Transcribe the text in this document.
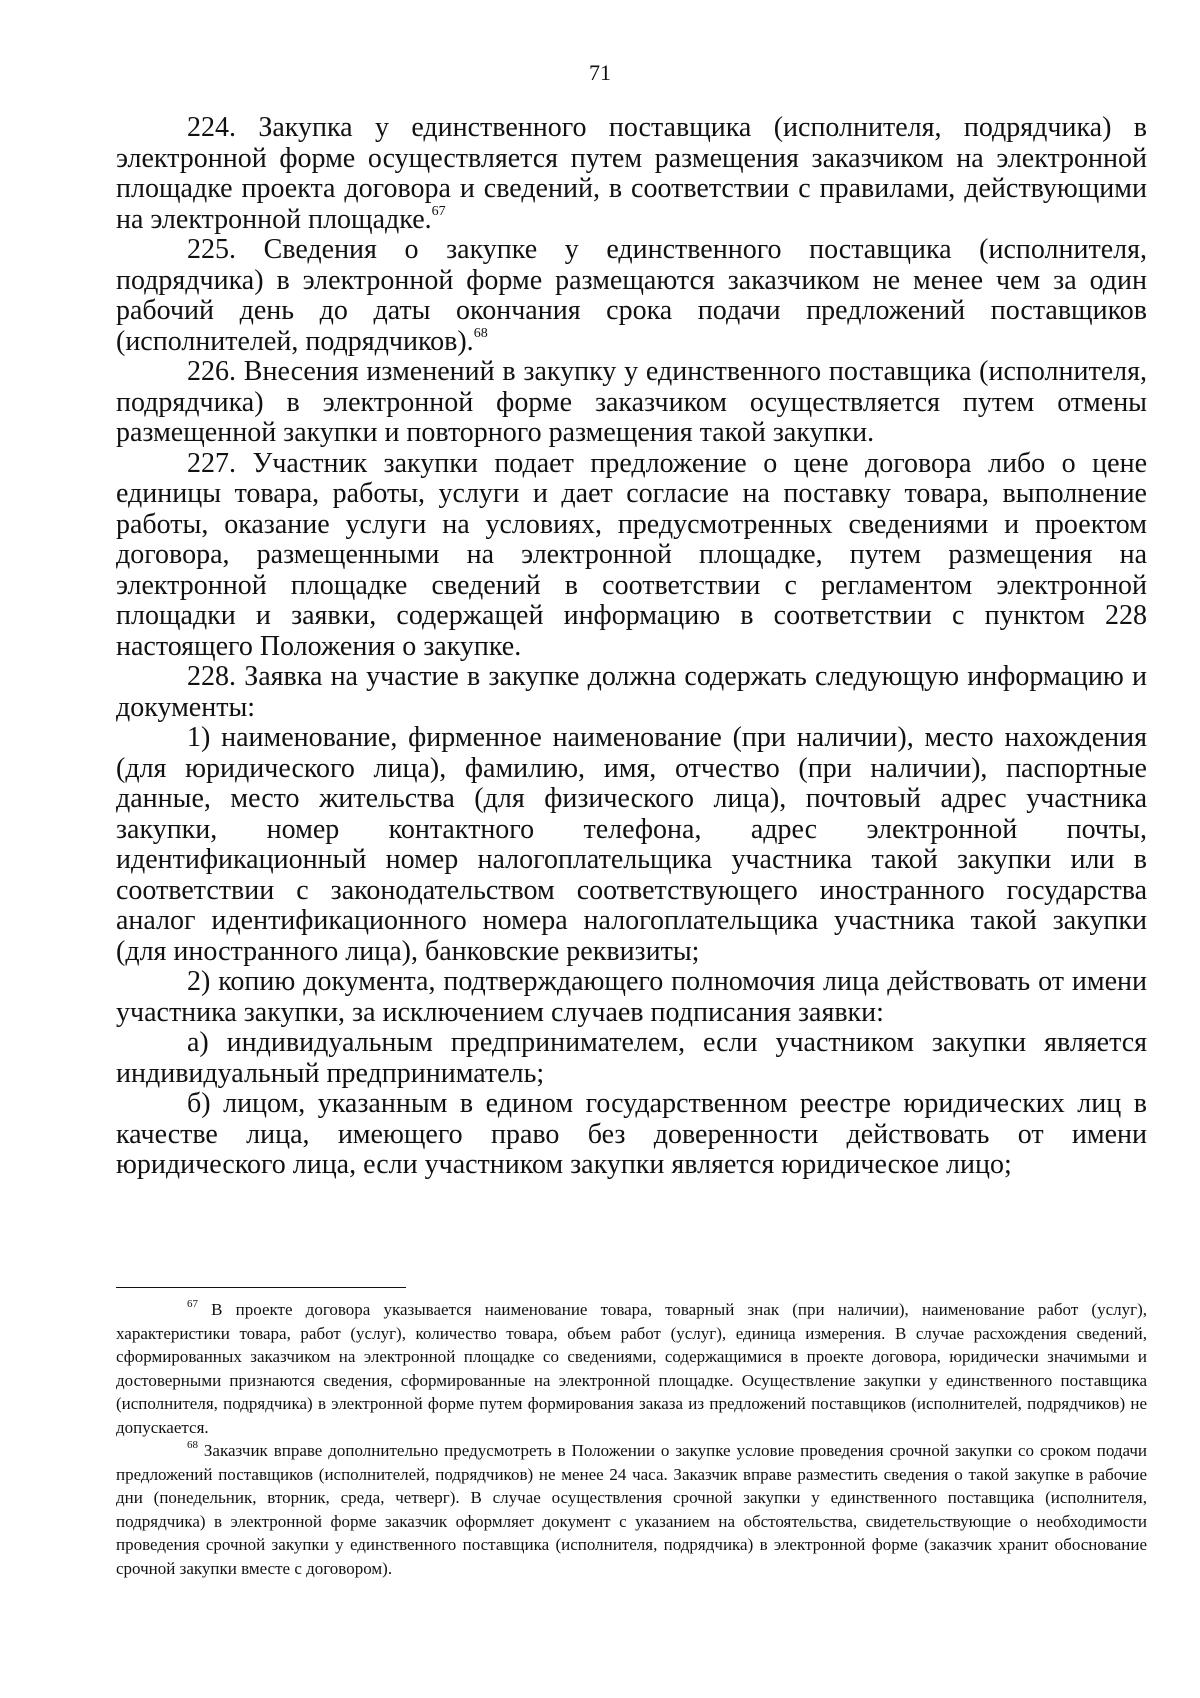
71

224. Закупка у единственного поставщика (исполнителя, подрядчика) в электронной форме осуществляется путем размещения заказчиком на электронной площадке проекта договора и сведений, в соответствии с правилами, действующими на электронной площадке.$^{67}$

225. Сведения о закупке у единственного поставщика (исполнителя, подрядчика) в электронной форме размещаются заказчиком не менее чем за один рабочий день до даты окончания срока подачи предложений поставщиков (исполнителей, подрядчиков).$^{68}$

226. Внесения изменений в закупку у единственного поставщика (исполнителя, подрядчика) в электронной форме заказчиком осуществляется путем отмены размещенной закупки и повторного размещения такой закупки.

227. Участник закупки подает предложение о цене договора либо о цене единицы товара, работы, услуги и дает согласие на поставку товара, выполнение работы, оказание услуги на условиях, предусмотренных сведениями и проектом договора, размещенными на электронной площадке, путем размещения на электронной площадке сведений в соответствии с регламентом электронной площадки и заявки, содержащей информацию в соответствии с пунктом 228 настоящего Положения о закупке.

228. Заявка на участие в закупке должна содержать следующую информацию и документы:

1) наименование, фирменное наименование (при наличии), место нахождения (для юридического лица), фамилию, имя, отчество (при наличии), паспортные данные, место жительства (для физического лица), почтовый адрес участника закупки, номер контактного телефона, адрес электронной почты, идентификационный номер налогоплательщика участника такой закупки или в соответствии с законодательством соответствующего иностранного государства аналог идентификационного номера налогоплательщика участника такой закупки (для иностранного лица), банковские реквизиты;

2) копию документа, подтверждающего полномочия лица действовать от имени участника закупки, за исключением случаев подписания заявки:

а) индивидуальным предпринимателем, если участником закупки является индивидуальный предприниматель;

б) лицом, указанным в едином государственном реестре юридических лиц в качестве лица, имеющего право без доверенности действовать от имени юридического лица, если участником закупки является юридическое лицо;

$^{67}$ В проекте договора указывается наименование товара, товарный знак (при наличии), наименование работ (услуг), характеристики товара, работ (услуг), количество товара, объем работ (услуг), единица измерения. В случае расхождения сведений, сформированных заказчиком на электронной площадке со сведениями, содержащимися в проекте договора, юридически значимыми и достоверными признаются сведения, сформированные на электронной площадке. Осуществление закупки у единственного поставщика (исполнителя, подрядчика) в электронной форме путем формирования заказа из предложений поставщиков (исполнителей, подрядчиков) не допускается.

$^{68}$ Заказчик вправе дополнительно предусмотреть в Положении о закупке условие проведения срочной закупки со сроком подачи предложений поставщиков (исполнителей, подрядчиков) не менее 24 часа. Заказчик вправе разместить сведения о такой закупке в рабочие дни (понедельник, вторник, среда, четверг). В случае осуществления срочной закупки у единственного поставщика (исполнителя, подрядчика) в электронной форме заказчик оформляет документ с указанием на обстоятельства, свидетельствующие о необходимости проведения срочной закупки у единственного поставщика (исполнителя, подрядчика) в электронной форме (заказчик хранит обоснование срочной закупки вместе с договором).
